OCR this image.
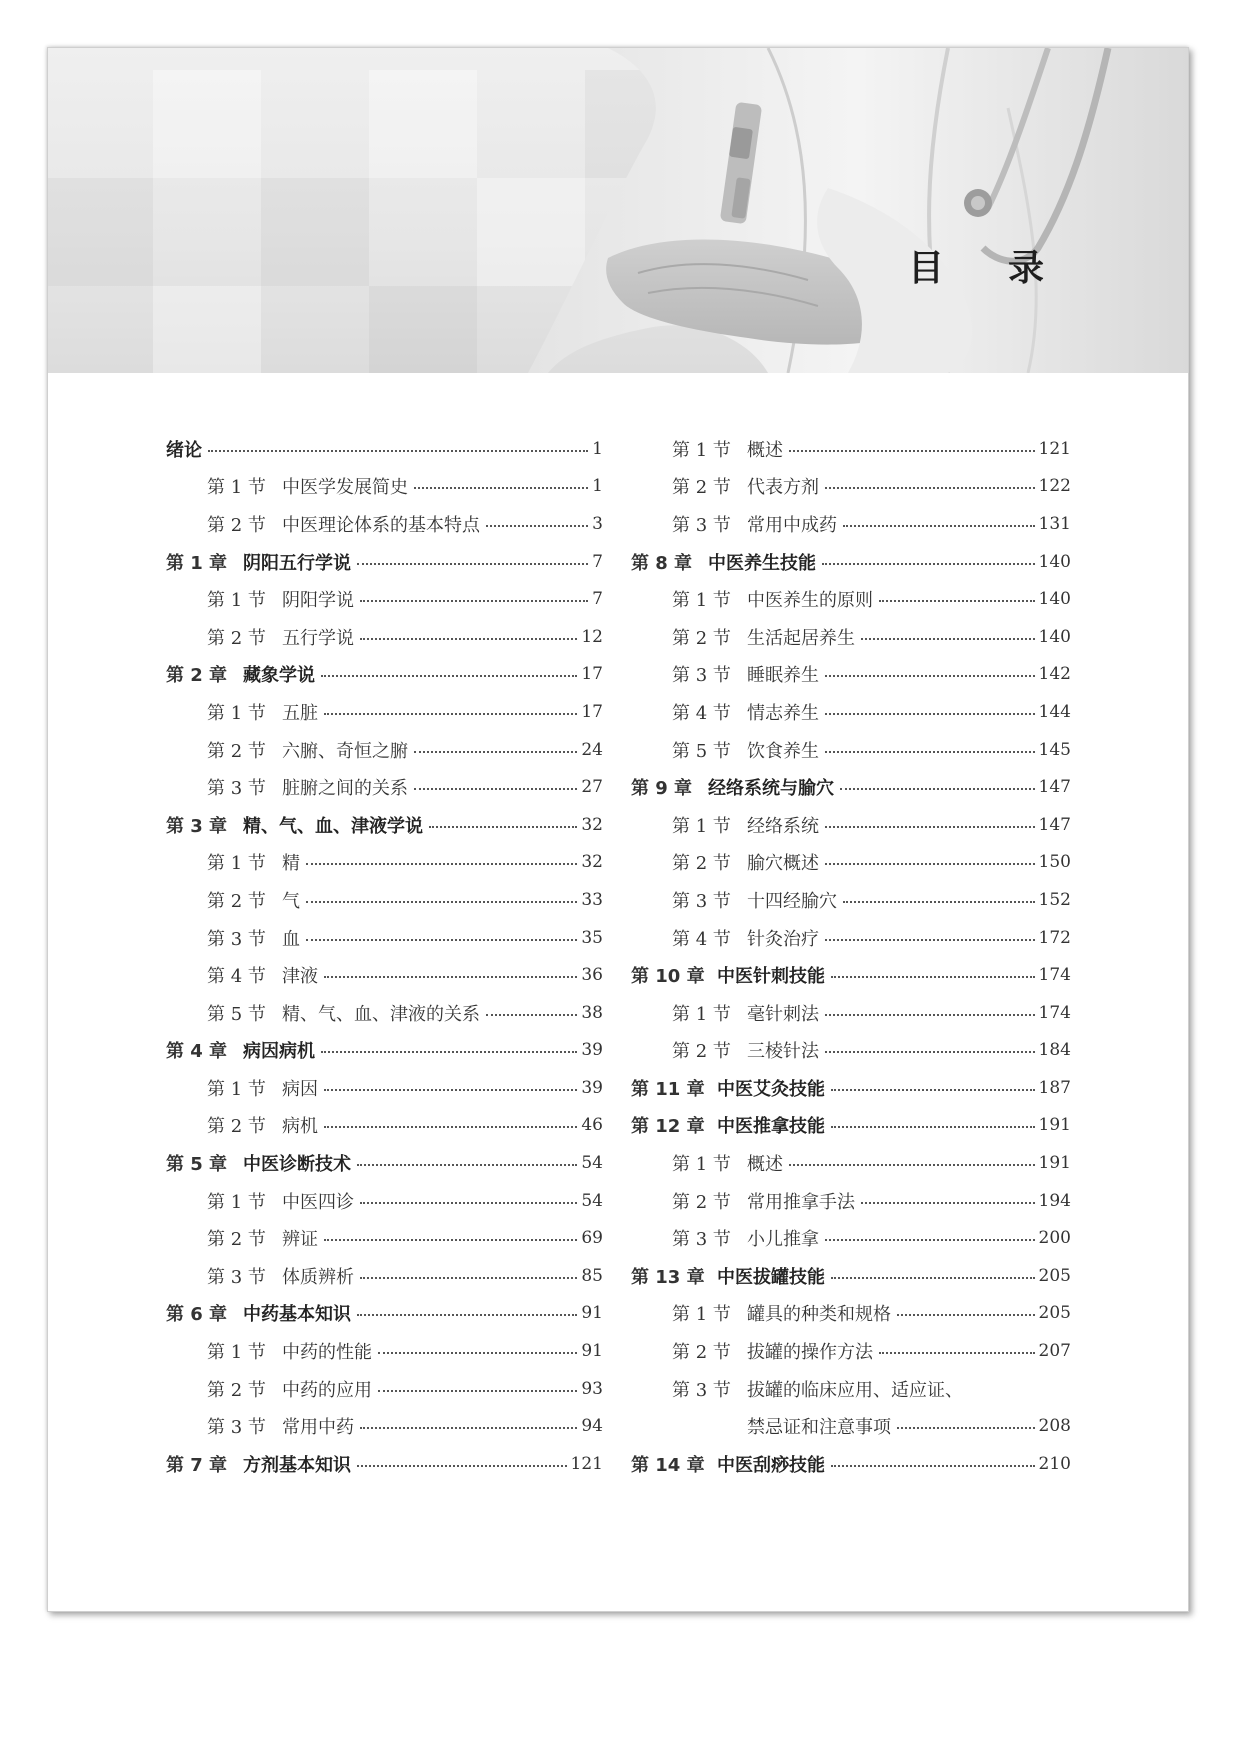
目 录
绪论	1
第 1 节 中医学发展简史	1
第 2 节 中医理论体系的基本特点	3
第 1 章 阴阳五行学说	7
第 1 节 阴阳学说	7
第 2 节 五行学说	12
第 2 章 藏象学说	17
第 1 节 五脏	17
第 2 节 六腑、奇恒之腑	24
第 3 节 脏腑之间的关系	27
第 3 章 精、气、血、津液学说	32
第 1 节 精	32
第 2 节 气	33
第 3 节 血	35
第 4 节 津液	36
第 5 节 精、气、血、津液的关系	38
第 4 章 病因病机	39
第 1 节 病因	39
第 2 节 病机	46
第 5 章 中医诊断技术	54
第 1 节 中医四诊	54
第 2 节 辨证	69
第 3 节 体质辨析	85
第 6 章 中药基本知识	91
第 1 节 中药的性能	91
第 2 节 中药的应用	93
第 3 节 常用中药	94
第 7 章 方剂基本知识	121
第 1 节 概述	121
第 2 节 代表方剂	122
第 3 节 常用中成药	131
第 8 章 中医养生技能	140
第 1 节 中医养生的原则	140
第 2 节 生活起居养生	140
第 3 节 睡眠养生	142
第 4 节 情志养生	144
第 5 节 饮食养生	145
第 9 章 经络系统与腧穴	147
第 1 节 经络系统	147
第 2 节 腧穴概述	150
第 3 节 十四经腧穴	152
第 4 节 针灸治疗	172
第 10 章 中医针刺技能	174
第 1 节 毫针刺法	174
第 2 节 三棱针法	184
第 11 章 中医艾灸技能	187
第 12 章 中医推拿技能	191
第 1 节 概述	191
第 2 节 常用推拿手法	194
第 3 节 小儿推拿	200
第 13 章 中医拔罐技能	205
第 1 节 罐具的种类和规格	205
第 2 节 拔罐的操作方法	207
第 3 节 拔罐的临床应用、适应证、
禁忌证和注意事项	208
第 14 章 中医刮痧技能	210
